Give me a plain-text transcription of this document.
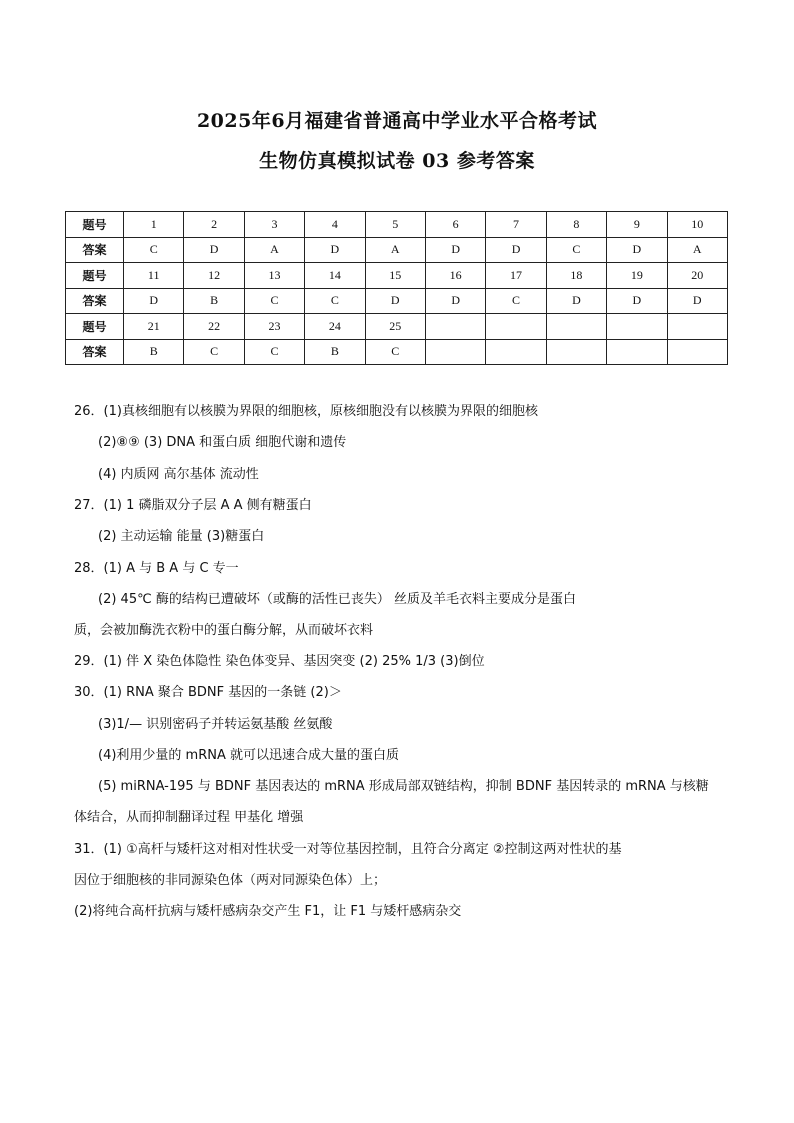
2025年6月福建省普通高中学业水平合格考试
生物仿真模拟试卷 03 参考答案
题号	1	2	3	4	5	6	7	8	9	10
答案	C	D	A	D	A	D	D	C	D	A
题号	11	12	13	14	15	16	17	18	19	20
答案	D	B	C	C	D	D	C	D	D	D
题号	21	22	23	24	25					
答案	B	C	C	B	C					
26．(1)真核细胞有以核膜为界限的细胞核，原核细胞没有以核膜为界限的细胞核
(2)⑧⑨ (3) DNA 和蛋白质 细胞代谢和遗传
(4) 内质网 高尔基体 流动性
27．(1) 1 磷脂双分子层 A A 侧有糖蛋白
(2) 主动运输 能量 (3)糖蛋白
28．(1) A 与 B A 与 C 专一
(2) 45℃ 酶的结构已遭破坏（或酶的活性已丧失） 丝质及羊毛衣料主要成分是蛋白
质，会被加酶洗衣粉中的蛋白酶分解，从而破坏衣料
29．(1) 伴 X 染色体隐性 染色体变异、基因突变 (2) 25% 1/3 (3)倒位
30．(1) RNA 聚合 BDNF 基因的一条链 (2)＞
(3)1/— 识别密码子并转运氨基酸 丝氨酸
(4)利用少量的 mRNA 就可以迅速合成大量的蛋白质
(5) miRNA-195 与 BDNF 基因表达的 mRNA 形成局部双链结构，抑制 BDNF 基因转录的 mRNA 与核糖
体结合，从而抑制翻译过程 甲基化 增强
31．(1) ①高杆与矮杆这对相对性状受一对等位基因控制，且符合分离定 ②控制这两对性状的基
因位于细胞核的非同源染色体（两对同源染色体）上；
(2)将纯合高杆抗病与矮杆感病杂交产生 F1，让 F1 与矮杆感病杂交
